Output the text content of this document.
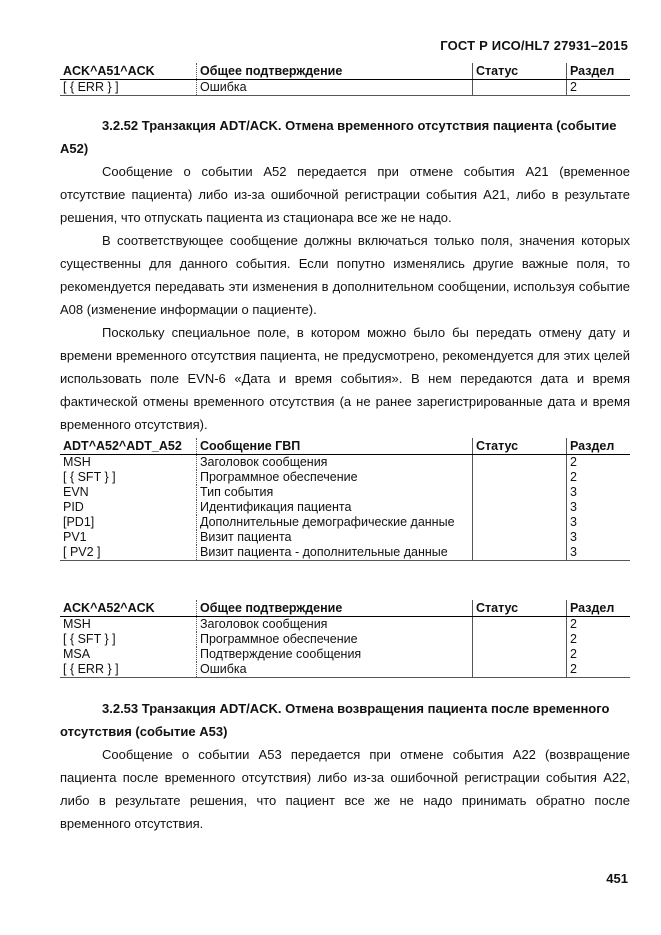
ГОСТ Р ИСО/HL7 27931–2015
ACK^A51^ACK	Общее подтверждение	Статус	Раздел
[ { ERR } ]	Ошибка		2
3.2.52 Транзакция ADT/ACK. Отмена временного отсутствия пациента (событие A52)

Сообщение о событии A52 передается при отмене события A21 (временное отсутствие пациента) либо из-за ошибочной регистрации события A21, либо в результате решения, что отпускать пациента из стационара все же не надо.

В соответствующее сообщение должны включаться только поля, значения которых существенны для данного события. Если попутно изменялись другие важные поля, то рекомендуется передавать эти изменения в дополнительном сообщении, используя событие A08 (изменение информации о пациенте).

Поскольку специальное поле, в котором можно было бы передать отмену дату и времени временного отсутствия пациента, не предусмотрено, рекомендуется для этих целей использовать поле EVN-6 «Дата и время события». В нем передаются дата и время фактической отмены временного отсутствия (а не ранее зарегистрированные дата и время временного отсутствия).

ADT^A52^ADT_A52	Сообщение ГВП	Статус	Раздел
MSH	Заголовок сообщения		2
[ { SFT } ]	Программное обеспечение		2
EVN	Тип события		3
PID	Идентификация пациента		3
[PD1]	Дополнительные демографические данные		3
PV1	Визит пациента		3
[ PV2 ]	Визит пациента - дополнительные данные		3
ACK^A52^ACK	Общее подтверждение	Статус	Раздел
MSH	Заголовок сообщения		2
[ { SFT } ]	Программное обеспечение		2
MSA	Подтверждение сообщения		2
[ { ERR } ]	Ошибка		2
3.2.53 Транзакция ADT/ACK. Отмена возвращения пациента после временного отсутствия (событие A53)

Сообщение о событии A53 передается при отмене события A22 (возвращение пациента после временного отсутствия) либо из-за ошибочной регистрации события A22, либо в результате решения, что пациент все же не надо принимать обратно после временного отсутствия.

451
